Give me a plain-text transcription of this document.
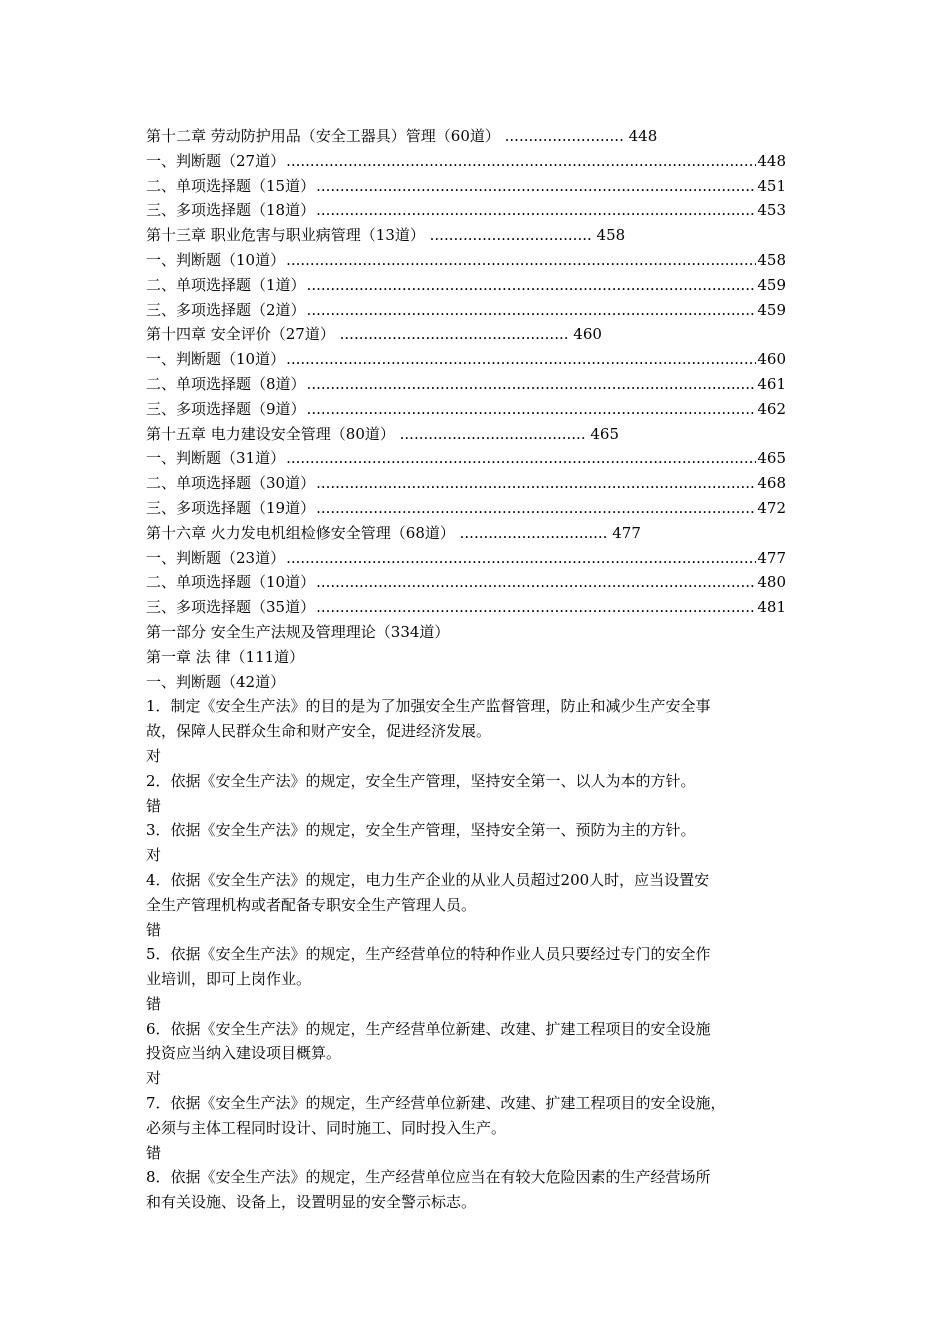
第十二章 劳动防护用品（安全工器具）管理（60道） ......................... 448
一、判断题（27道） .....	448
二、单项选择题（15道） .....	451
三、多项选择题（18道） .....	453
第十三章 职业危害与职业病管理（13道） .................................. 458
一、判断题（10道） .....	458
二、单项选择题（1道） .....	459
三、多项选择题（2道） .....	459
第十四章 安全评价（27道） ................................................ 460
一、判断题（10道） .....	460
二、单项选择题（8道） .....	461
三、多项选择题（9道） .....	462
第十五章 电力建设安全管理（80道） ....................................... 465
一、判断题（31道） .....	465
二、单项选择题（30道） .....	468
三、多项选择题（19道） .....	472
第十六章 火力发电机组检修安全管理（68道） ............................... 477
一、判断题（23道） .....	477
二、单项选择题（10道） .....	480
三、多项选择题（35道） .....	481
第一部分 安全生产法规及管理理论（334道）
第一章 法 律（111道）
一、判断题（42道）
1．制定《安全生产法》的目的是为了加强安全生产监督管理，防止和减少生产安全事
故，保障人民群众生命和财产安全，促进经济发展。
对
2．依据《安全生产法》的规定，安全生产管理，坚持安全第一、以人为本的方针。
错
3．依据《安全生产法》的规定，安全生产管理，坚持安全第一、预防为主的方针。
对
4．依据《安全生产法》的规定，电力生产企业的从业人员超过200人时，应当设置安
全生产管理机构或者配备专职安全生产管理人员。
错
5．依据《安全生产法》的规定，生产经营单位的特种作业人员只要经过专门的安全作
业培训，即可上岗作业。
错
6．依据《安全生产法》的规定，生产经营单位新建、改建、扩建工程项目的安全设施
投资应当纳入建设项目概算。
对
7．依据《安全生产法》的规定，生产经营单位新建、改建、扩建工程项目的安全设施，
必须与主体工程同时设计、同时施工、同时投入生产。
错
8．依据《安全生产法》的规定，生产经营单位应当在有较大危险因素的生产经营场所
和有关设施、设备上，设置明显的安全警示标志。
